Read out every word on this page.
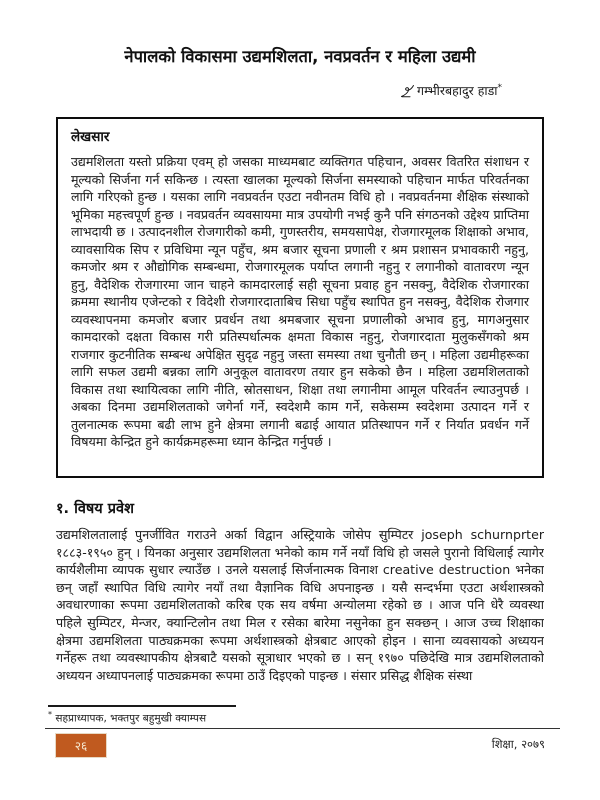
नेपालको विकासमा उद्यमशिलता, नवप्रवर्तन र महिला उद्यमी
गम्भीरबहादुर हाडा*
लेखसार

उद्यमशिलता यस्तो प्रक्रिया एवम् हो जसका माध्यमबाट व्यक्तिगत पहिचान, अवसर वितरित संशाधन र मूल्यको सिर्जना गर्न सकिन्छ । त्यस्ता खालका मूल्यको सिर्जना समस्याको पहिचान मार्फत परिवर्तनका लागि गरिएको हुन्छ । यसका लागि नवप्रवर्तन एउटा नवीनतम विधि हो । नवप्रवर्तनमा शैक्षिक संस्थाको भूमिका महत्त्वपूर्ण हुन्छ । नवप्रवर्तन व्यवसायमा मात्र उपयोगी नभई कुनै पनि संगठनको उद्देश्य प्राप्तिमा लाभदायी छ । उत्पादनशील रोजगारीको कमी, गुणस्तरीय, समयसापेक्ष, रोजगारमूलक शिक्षाको अभाव, व्यावसायिक सिप र प्रविधिमा न्यून पहुँच, श्रम बजार सूचना प्रणाली र श्रम प्रशासन प्रभावकारी नहुनु, कमजोर श्रम र औद्योगिक सम्बन्धमा, रोजगारमूलक पर्याप्त लगानी नहुनु र लगानीको वातावरण न्यून हुनु, वैदेशिक रोजगारमा जान चाहने कामदारलाई सही सूचना प्रवाह हुन नसक्नु, वैदेशिक रोजगारका क्रममा स्थानीय एजेन्टको र विदेशी रोजगारदाताबिच सिधा पहुँच स्थापित हुन नसक्नु, वैदेशिक रोजगार व्यवस्थापनमा कमजोर बजार प्रवर्धन तथा श्रमबजार सूचना प्रणालीको अभाव हुनु, मागअनुसार कामदारको दक्षता विकास गरी प्रतिस्पर्धात्मक क्षमता विकास नहुनु, रोजगारदाता मुलुकसँगको श्रम राजगार कुटनीतिक सम्बन्ध अपेक्षित सुदृढ नहुनु जस्ता समस्या तथा चुनौती छन् । महिला उद्यमीहरूका लागि सफल उद्यमी बन्नका लागि अनुकूल वातावरण तयार हुन सकेको छैन । महिला उद्यमशिलताको विकास तथा स्थायित्वका लागि नीति, स्रोतसाधन, शिक्षा तथा लगानीमा आमूल परिवर्तन ल्याउनुपर्छ । अबका दिनमा उद्यमशिलताको जगेर्ना गर्ने, स्वदेशमै काम गर्ने, सकेसम्म स्वदेशमा उत्पादन गर्ने र तुलनात्मक रूपमा बढी लाभ हुने क्षेत्रमा लगानी बढाई आयात प्रतिस्थापन गर्ने र निर्यात प्रवर्धन गर्ने विषयमा केन्द्रित हुने कार्यक्रमहरूमा ध्यान केन्द्रित गर्नुपर्छ ।

१. विषय प्रवेश

उद्यमशिलतालाई पुनर्जीवित गराउने अर्का विद्वान अस्ट्रियाके जोसेप सुम्पिटर joseph schurnprter १८८३-१९५० हुन् । यिनका अनुसार उद्यमशिलता भनेको काम गर्ने नयाँ विधि हो जसले पुरानो विधिलाई त्यागेर कार्यशैलीमा व्यापक सुधार ल्याउँछ । उनले यसलाई सिर्जनात्मक विनाश creative destruction भनेका छन् जहाँ स्थापित विधि त्यागेर नयाँ तथा वैज्ञानिक विधि अपनाइन्छ । यसै सन्दर्भमा एउटा अर्थशास्त्रको अवधारणाका रूपमा उद्यमशिलताको करिब एक सय वर्षमा अन्योलमा रहेको छ । आज पनि धेरै व्यवस्था पहिले सुम्पिटर, मेन्जर, क्यान्टिलोन तथा मिल र रसेका बारेमा नसुनेका हुन सक्छन् । आज उच्च शिक्षाका क्षेत्रमा उद्यमशिलता पाठ्यक्रमका रूपमा अर्थशास्त्रको क्षेत्रबाट आएको होइन । साना व्यवसायको अध्ययन गर्नेहरू तथा व्यवस्थापकीय क्षेत्रबाटै यसको सूत्राधार भएको छ । सन् १९७० पछिदेखि मात्र उद्यमशिलताको अध्ययन अध्यापनलाई पाठ्यक्रमका रूपमा ठाउँ दिइएको पाइन्छ । संसार प्रसिद्ध शैक्षिक संस्था

* सहप्राध्यापक, भक्तपुर बहुमुखी क्याम्पस
२६	शिक्षा, २०७९
